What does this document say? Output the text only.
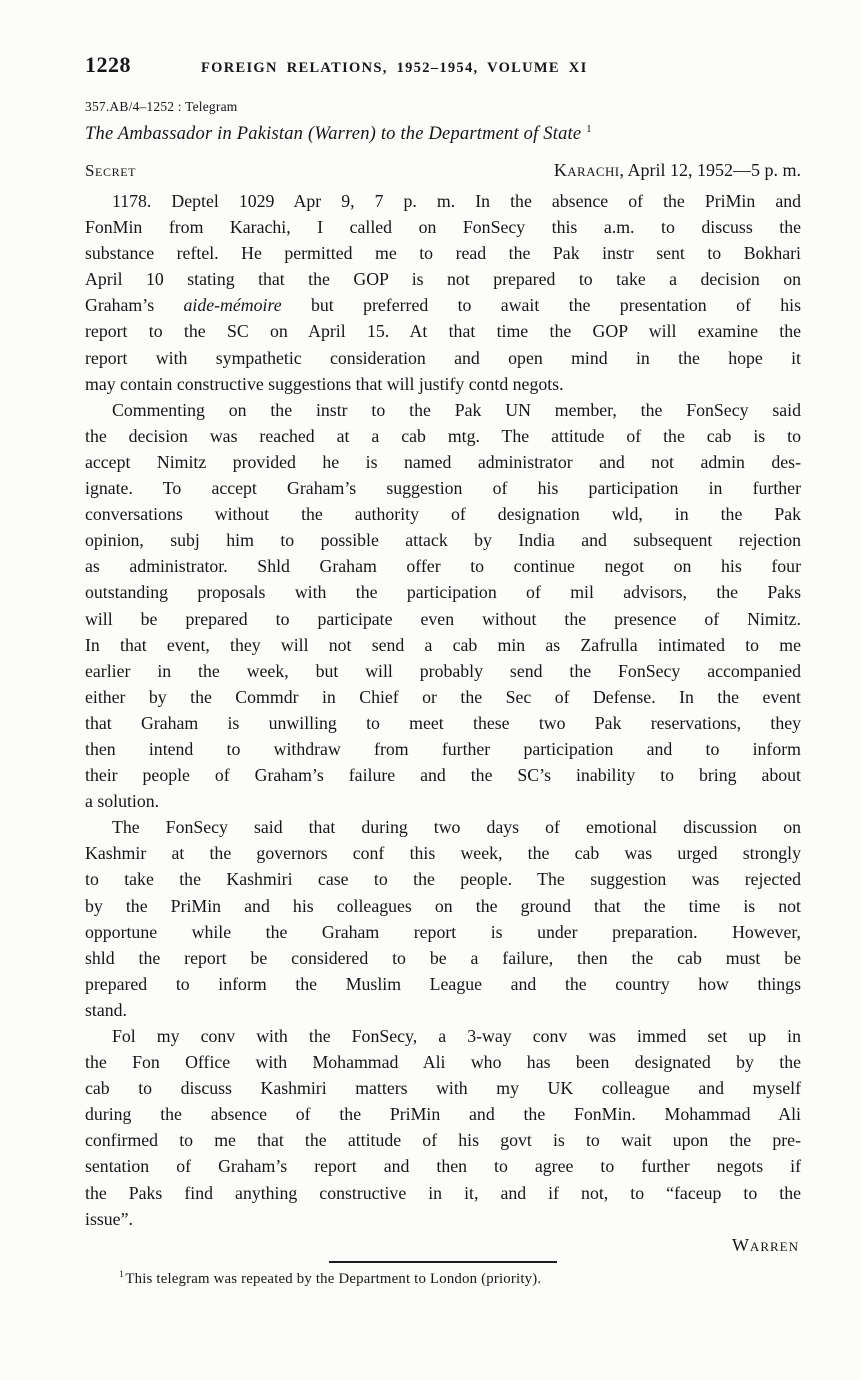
1228	FOREIGN RELATIONS, 1952–1954, VOLUME XI
357.AB/4–1252 : Telegram
The Ambassador in Pakistan (Warren) to the Department of State $^1$
Secret	Karachi, April 12, 1952—5 p. m.
1178. Deptel 1029 Apr 9, 7 p. m. In the absence of the PriMin and
FonMin from Karachi, I called on FonSecy this a.m. to discuss the
substance reftel. He permitted me to read the Pak instr sent to Bokhari
April 10 stating that the GOP is not prepared to take a decision on
Graham’s aide-mémoire but preferred to await the presentation of his
report to the SC on April 15. At that time the GOP will examine the
report with sympathetic consideration and open mind in the hope it
may contain constructive suggestions that will justify contd negots.
Commenting on the instr to the Pak UN member, the FonSecy said
the decision was reached at a cab mtg. The attitude of the cab is to
accept Nimitz provided he is named administrator and not admin des-
ignate. To accept Graham’s suggestion of his participation in further
conversations without the authority of designation wld, in the Pak
opinion, subj him to possible attack by India and subsequent rejection
as administrator. Shld Graham offer to continue negot on his four
outstanding proposals with the participation of mil advisors, the Paks
will be prepared to participate even without the presence of Nimitz.
In that event, they will not send a cab min as Zafrulla intimated to me
earlier in the week, but will probably send the FonSecy accompanied
either by the Commdr in Chief or the Sec of Defense. In the event
that Graham is unwilling to meet these two Pak reservations, they
then intend to withdraw from further participation and to inform
their people of Graham’s failure and the SC’s inability to bring about
a solution.
The FonSecy said that during two days of emotional discussion on
Kashmir at the governors conf this week, the cab was urged strongly
to take the Kashmiri case to the people. The suggestion was rejected
by the PriMin and his colleagues on the ground that the time is not
opportune while the Graham report is under preparation. However,
shld the report be considered to be a failure, then the cab must be
prepared to inform the Muslim League and the country how things
stand.
Fol my conv with the FonSecy, a 3-way conv was immed set up in
the Fon Office with Mohammad Ali who has been designated by the
cab to discuss Kashmiri matters with my UK colleague and myself
during the absence of the PriMin and the FonMin. Mohammad Ali
confirmed to me that the attitude of his govt is to wait upon the pre-
sentation of Graham’s report and then to agree to further negots if
the Paks find anything constructive in it, and if not, to “faceup to the
issue”.
Warren
$^1$ This telegram was repeated by the Department to London (priority).
